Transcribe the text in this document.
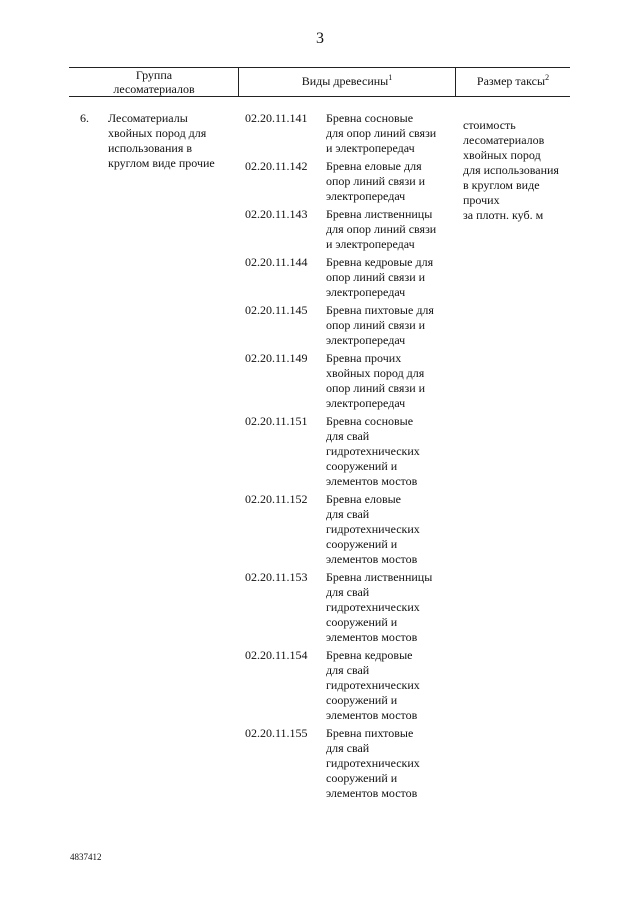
3
Группа
лесоматериалов
Виды древесины$^1$	Размер таксы$^2$
6. Лесоматериалы
хвойных пород для
использования в
круглом виде прочие
стоимость
лесоматериалов
хвойных пород
для использования
в круглом виде
прочих
за плотн. куб. м
02.20.11.141 Бревна сосновые
для опор линий связи
и электропередач
02.20.11.142 Бревна еловые для
опор линий связи и
электропередач
02.20.11.143 Бревна лиственницы
для опор линий связи
и электропередач
02.20.11.144 Бревна кедровые для
опор линий связи и
электропередач
02.20.11.145 Бревна пихтовые для
опор линий связи и
электропередач
02.20.11.149 Бревна прочих
хвойных пород для
опор линий связи и
электропередач
02.20.11.151 Бревна сосновые
для свай
гидротехнических
сооружений и
элементов мостов
02.20.11.152 Бревна еловые
для свай
гидротехнических
сооружений и
элементов мостов
02.20.11.153 Бревна лиственницы
для свай
гидротехнических
сооружений и
элементов мостов
02.20.11.154 Бревна кедровые
для свай
гидротехнических
сооружений и
элементов мостов
02.20.11.155 Бревна пихтовые
для свай
гидротехнических
сооружений и
элементов мостов
4837412
